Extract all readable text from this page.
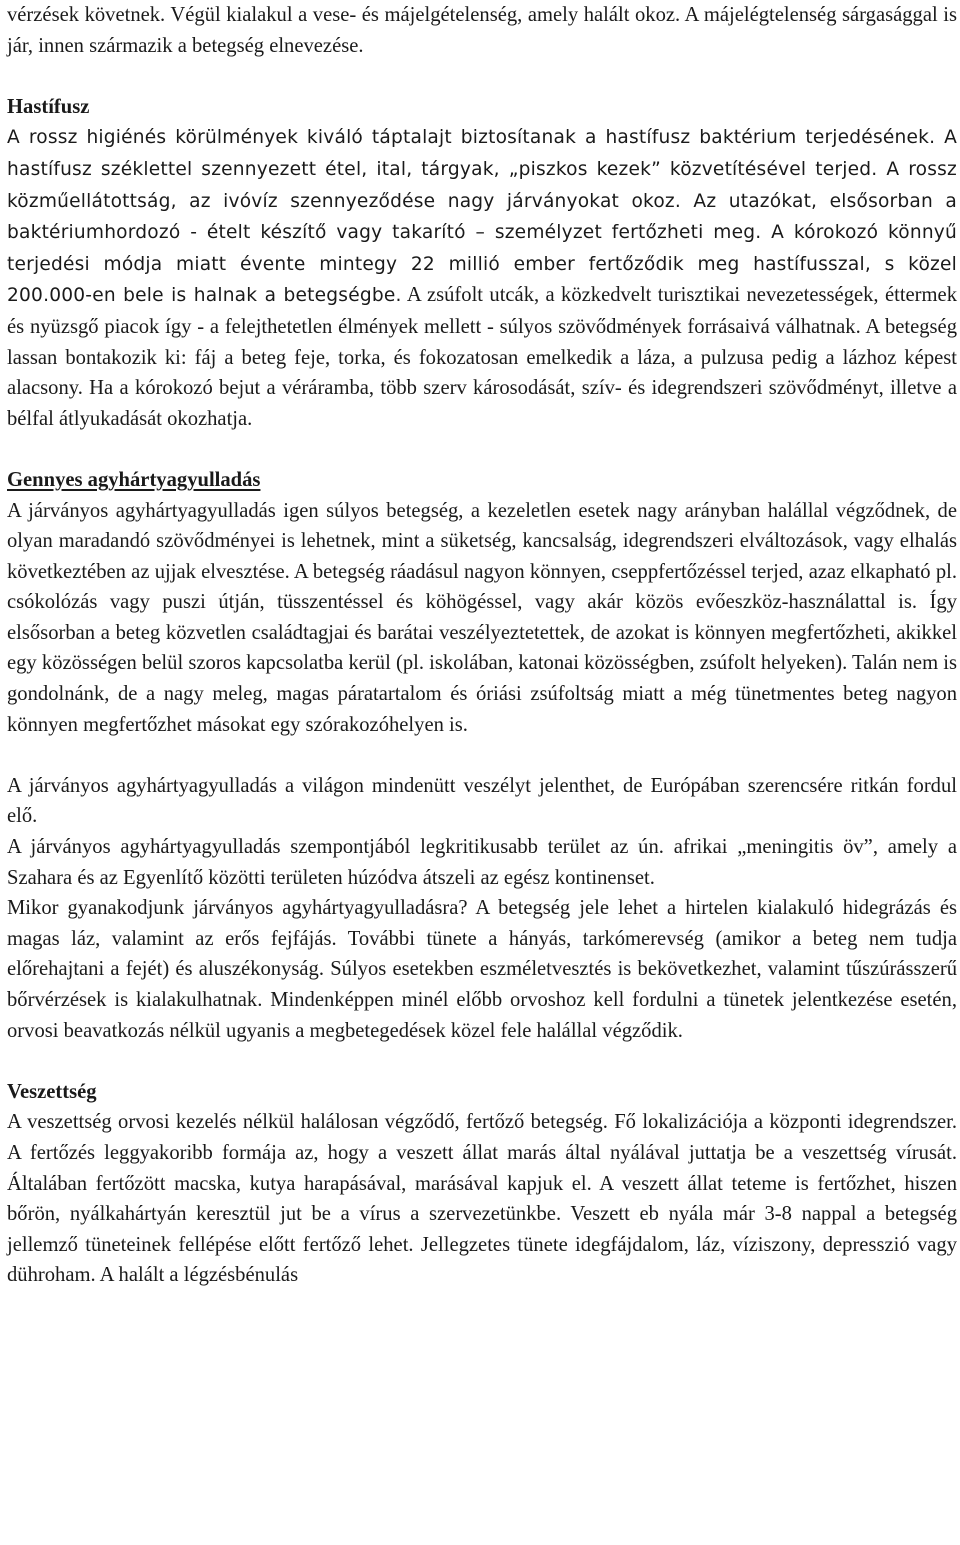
vérzések követnek. Végül kialakul a vese- és májelgételenség, amely halált okoz. A májelégtelenség sárgasággal is jár, innen származik a betegség elnevezése.

Hastífusz

A rossz higiénés körülmények kiváló táptalajt biztosítanak a hastífusz baktérium terjedésének. A hastífusz széklettel szennyezett étel, ital, tárgyak, „piszkos kezek” közvetítésével terjed. A rossz közműellátottság, az ivóvíz szennyeződése nagy járványokat okoz. Az utazókat, elsősorban a baktériumhordozó - ételt készítő vagy takarító – személyzet fertőzheti meg. A kórokozó könnyű terjedési módja miatt évente mintegy 22 millió ember fertőződik meg hastífusszal, s közel 200.000-en bele is halnak a betegségbe. A zsúfolt utcák, a közkedvelt turisztikai nevezetességek, éttermek és nyüzsgő piacok így - a felejthetetlen élmények mellett - súlyos szövődmények forrásaivá válhatnak. A betegség lassan bontakozik ki: fáj a beteg feje, torka, és fokozatosan emelkedik a láza, a pulzusa pedig a lázhoz képest alacsony. Ha a kórokozó bejut a véráramba, több szerv károsodását, szív- és idegrendszeri szövődményt, illetve a bélfal átlyukadását okozhatja.

Gennyes agyhártyagyulladás

A járványos agyhártyagyulladás igen súlyos betegség, a kezeletlen esetek nagy arányban halállal végződnek, de olyan maradandó szövődményei is lehetnek, mint a süketség, kancsalság, idegrendszeri elváltozások, vagy elhalás következtében az ujjak elvesztése. A betegség ráadásul nagyon könnyen, cseppfertőzéssel terjed, azaz elkapható pl. csókolózás vagy puszi útján, tüsszentéssel és köhögéssel, vagy akár közös evőeszköz-használattal is. Így elsősorban a beteg közvetlen családtagjai és barátai veszélyeztetettek, de azokat is könnyen megfertőzheti, akikkel egy közösségen belül szoros kapcsolatba kerül (pl. iskolában, katonai közösségben, zsúfolt helyeken). Talán nem is gondolnánk, de a nagy meleg, magas páratartalom és óriási zsúfoltság miatt a még tünetmentes beteg nagyon könnyen megfertőzhet másokat egy szórakozóhelyen is.

A járványos agyhártyagyulladás a világon mindenütt veszélyt jelenthet, de Európában szerencsére ritkán fordul elő.

A járványos agyhártyagyulladás szempontjából legkritikusabb terület az ún. afrikai „meningitis öv”, amely a Szahara és az Egyenlítő közötti területen húzódva átszeli az egész kontinenset.

Mikor gyanakodjunk járványos agyhártyagyulladásra? A betegség jele lehet a hirtelen kialakuló hidegrázás és magas láz, valamint az erős fejfájás. További tünete a hányás, tarkómerevség (amikor a beteg nem tudja előrehajtani a fejét) és aluszékonyság. Súlyos esetekben eszméletvesztés is bekövetkezhet, valamint tűszúrásszerű bőrvérzések is kialakulhatnak. Mindenképpen minél előbb orvoshoz kell fordulni a tünetek jelentkezése esetén, orvosi beavatkozás nélkül ugyanis a megbetegedések közel fele halállal végződik.

Veszettség

A veszettség orvosi kezelés nélkül halálosan végződő, fertőző betegség. Fő lokalizációja a központi idegrendszer. A fertőzés leggyakoribb formája az, hogy a veszett állat marás által nyálával juttatja be a veszettség vírusát. Általában fertőzött macska, kutya harapásával, marásával kapjuk el. A veszett állat teteme is fertőzhet, hiszen bőrön, nyálkahártyán keresztül jut be a vírus a szervezetünkbe. Veszett eb nyála már 3-8 nappal a betegség jellemző tüneteinek fellépése előtt fertőző lehet. Jellegzetes tünete idegfájdalom, láz, víziszony, depresszió vagy dühroham. A halált a légzésbénulás
